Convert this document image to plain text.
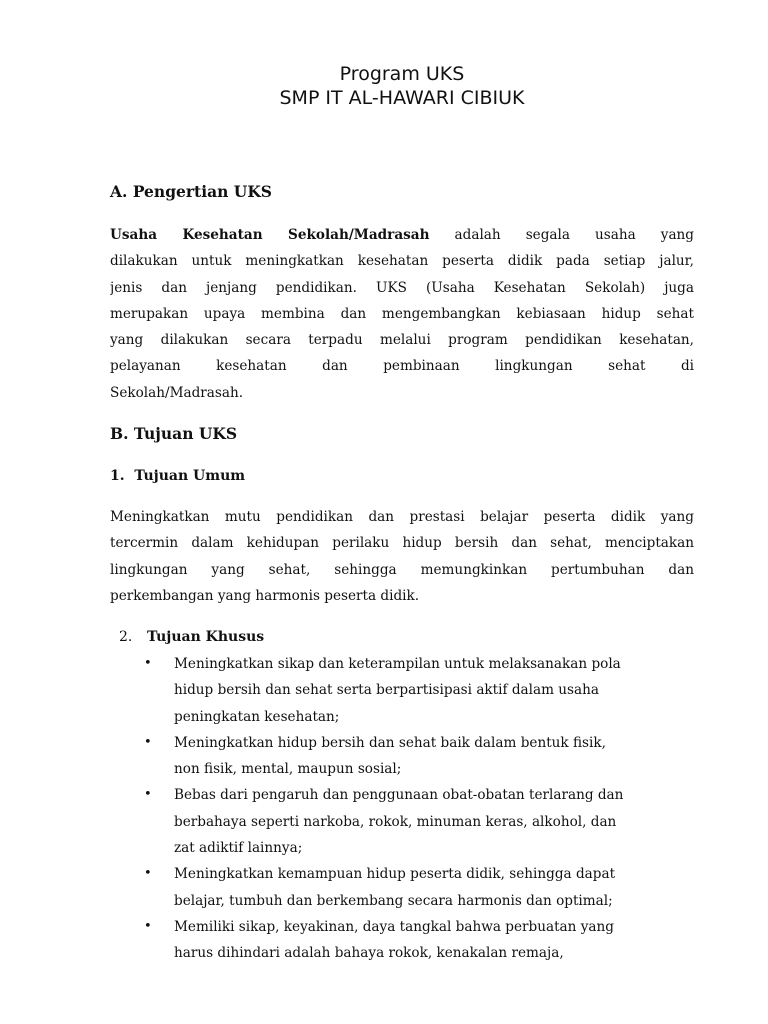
Program UKS
SMP IT AL-HAWARI CIBIUK
A. Pengertian UKS
Usaha Kesehatan Sekolah/Madrasah adalah segala usaha yang
dilakukan untuk meningkatkan kesehatan peserta didik pada setiap jalur,
jenis dan jenjang pendidikan. UKS (Usaha Kesehatan Sekolah) juga
merupakan upaya membina dan mengembangkan kebiasaan hidup sehat
yang dilakukan secara terpadu melalui program pendidikan kesehatan,
pelayanan kesehatan dan pembinaan lingkungan sehat di
Sekolah/Madrasah.
B. Tujuan UKS
1. Tujuan Umum
Meningkatkan mutu pendidikan dan prestasi belajar peserta didik yang
tercermin dalam kehidupan perilaku hidup bersih dan sehat, menciptakan
lingkungan yang sehat, sehingga memungkinkan pertumbuhan dan
perkembangan yang harmonis peserta didik.
2. Tujuan Khusus
• Meningkatkan sikap dan keterampilan untuk melaksanakan pola
hidup bersih dan sehat serta berpartisipasi aktif dalam usaha
peningkatan kesehatan;
• Meningkatkan hidup bersih dan sehat baik dalam bentuk fisik,
non fisik, mental, maupun sosial;
• Bebas dari pengaruh dan penggunaan obat-obatan terlarang dan
berbahaya seperti narkoba, rokok, minuman keras, alkohol, dan
zat adiktif lainnya;
• Meningkatkan kemampuan hidup peserta didik, sehingga dapat
belajar, tumbuh dan berkembang secara harmonis dan optimal;
• Memiliki sikap, keyakinan, daya tangkal bahwa perbuatan yang
harus dihindari adalah bahaya rokok, kenakalan remaja,
